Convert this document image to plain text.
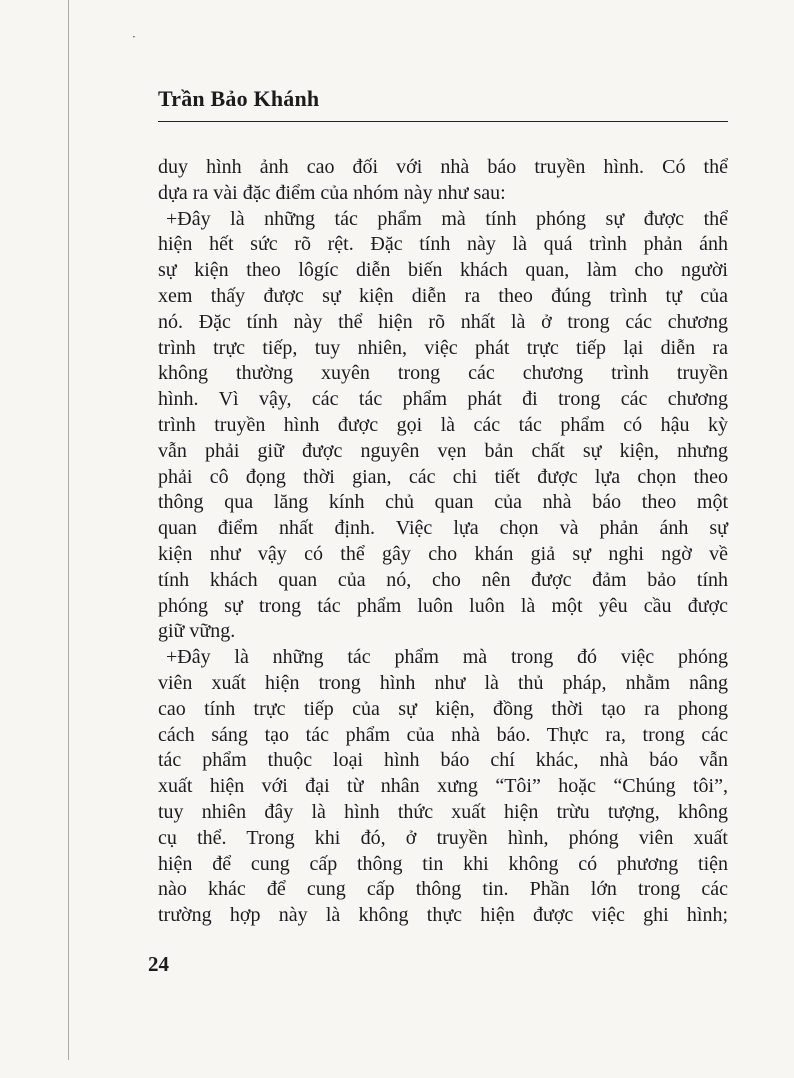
·
Trần Bảo Khánh
duy hình ảnh cao đối với nhà báo truyền hình. Có thể
dựa ra vài đặc điểm của nhóm này như sau:
+Đây là những tác phẩm mà tính phóng sự được thể
hiện hết sức rõ rệt. Đặc tính này là quá trình phản ánh
sự kiện theo lôgíc diễn biến khách quan, làm cho người
xem thấy được sự kiện diễn ra theo đúng trình tự của
nó. Đặc tính này thể hiện rõ nhất là ở trong các chương
trình trực tiếp, tuy nhiên, việc phát trực tiếp lại diễn ra
không thường xuyên trong các chương trình truyền
hình. Vì vậy, các tác phẩm phát đi trong các chương
trình truyền hình được gọi là các tác phẩm có hậu kỳ
vẫn phải giữ được nguyên vẹn bản chất sự kiện, nhưng
phải cô đọng thời gian, các chi tiết được lựa chọn theo
thông qua lăng kính chủ quan của nhà báo theo một
quan điểm nhất định. Việc lựa chọn và phản ánh sự
kiện như vậy có thể gây cho khán giả sự nghi ngờ về
tính khách quan của nó, cho nên được đảm bảo tính
phóng sự trong tác phẩm luôn luôn là một yêu cầu được
giữ vững.
+Đây là những tác phẩm mà trong đó việc phóng
viên xuất hiện trong hình như là thủ pháp, nhằm nâng
cao tính trực tiếp của sự kiện, đồng thời tạo ra phong
cách sáng tạo tác phẩm của nhà báo. Thực ra, trong các
tác phẩm thuộc loại hình báo chí khác, nhà báo vẫn
xuất hiện với đại từ nhân xưng “Tôi” hoặc “Chúng tôi”,
tuy nhiên đây là hình thức xuất hiện trừu tượng, không
cụ thể. Trong khi đó, ở truyền hình, phóng viên xuất
hiện để cung cấp thông tin khi không có phương tiện
nào khác để cung cấp thông tin. Phần lớn trong các
trường hợp này là không thực hiện được việc ghi hình;
24
